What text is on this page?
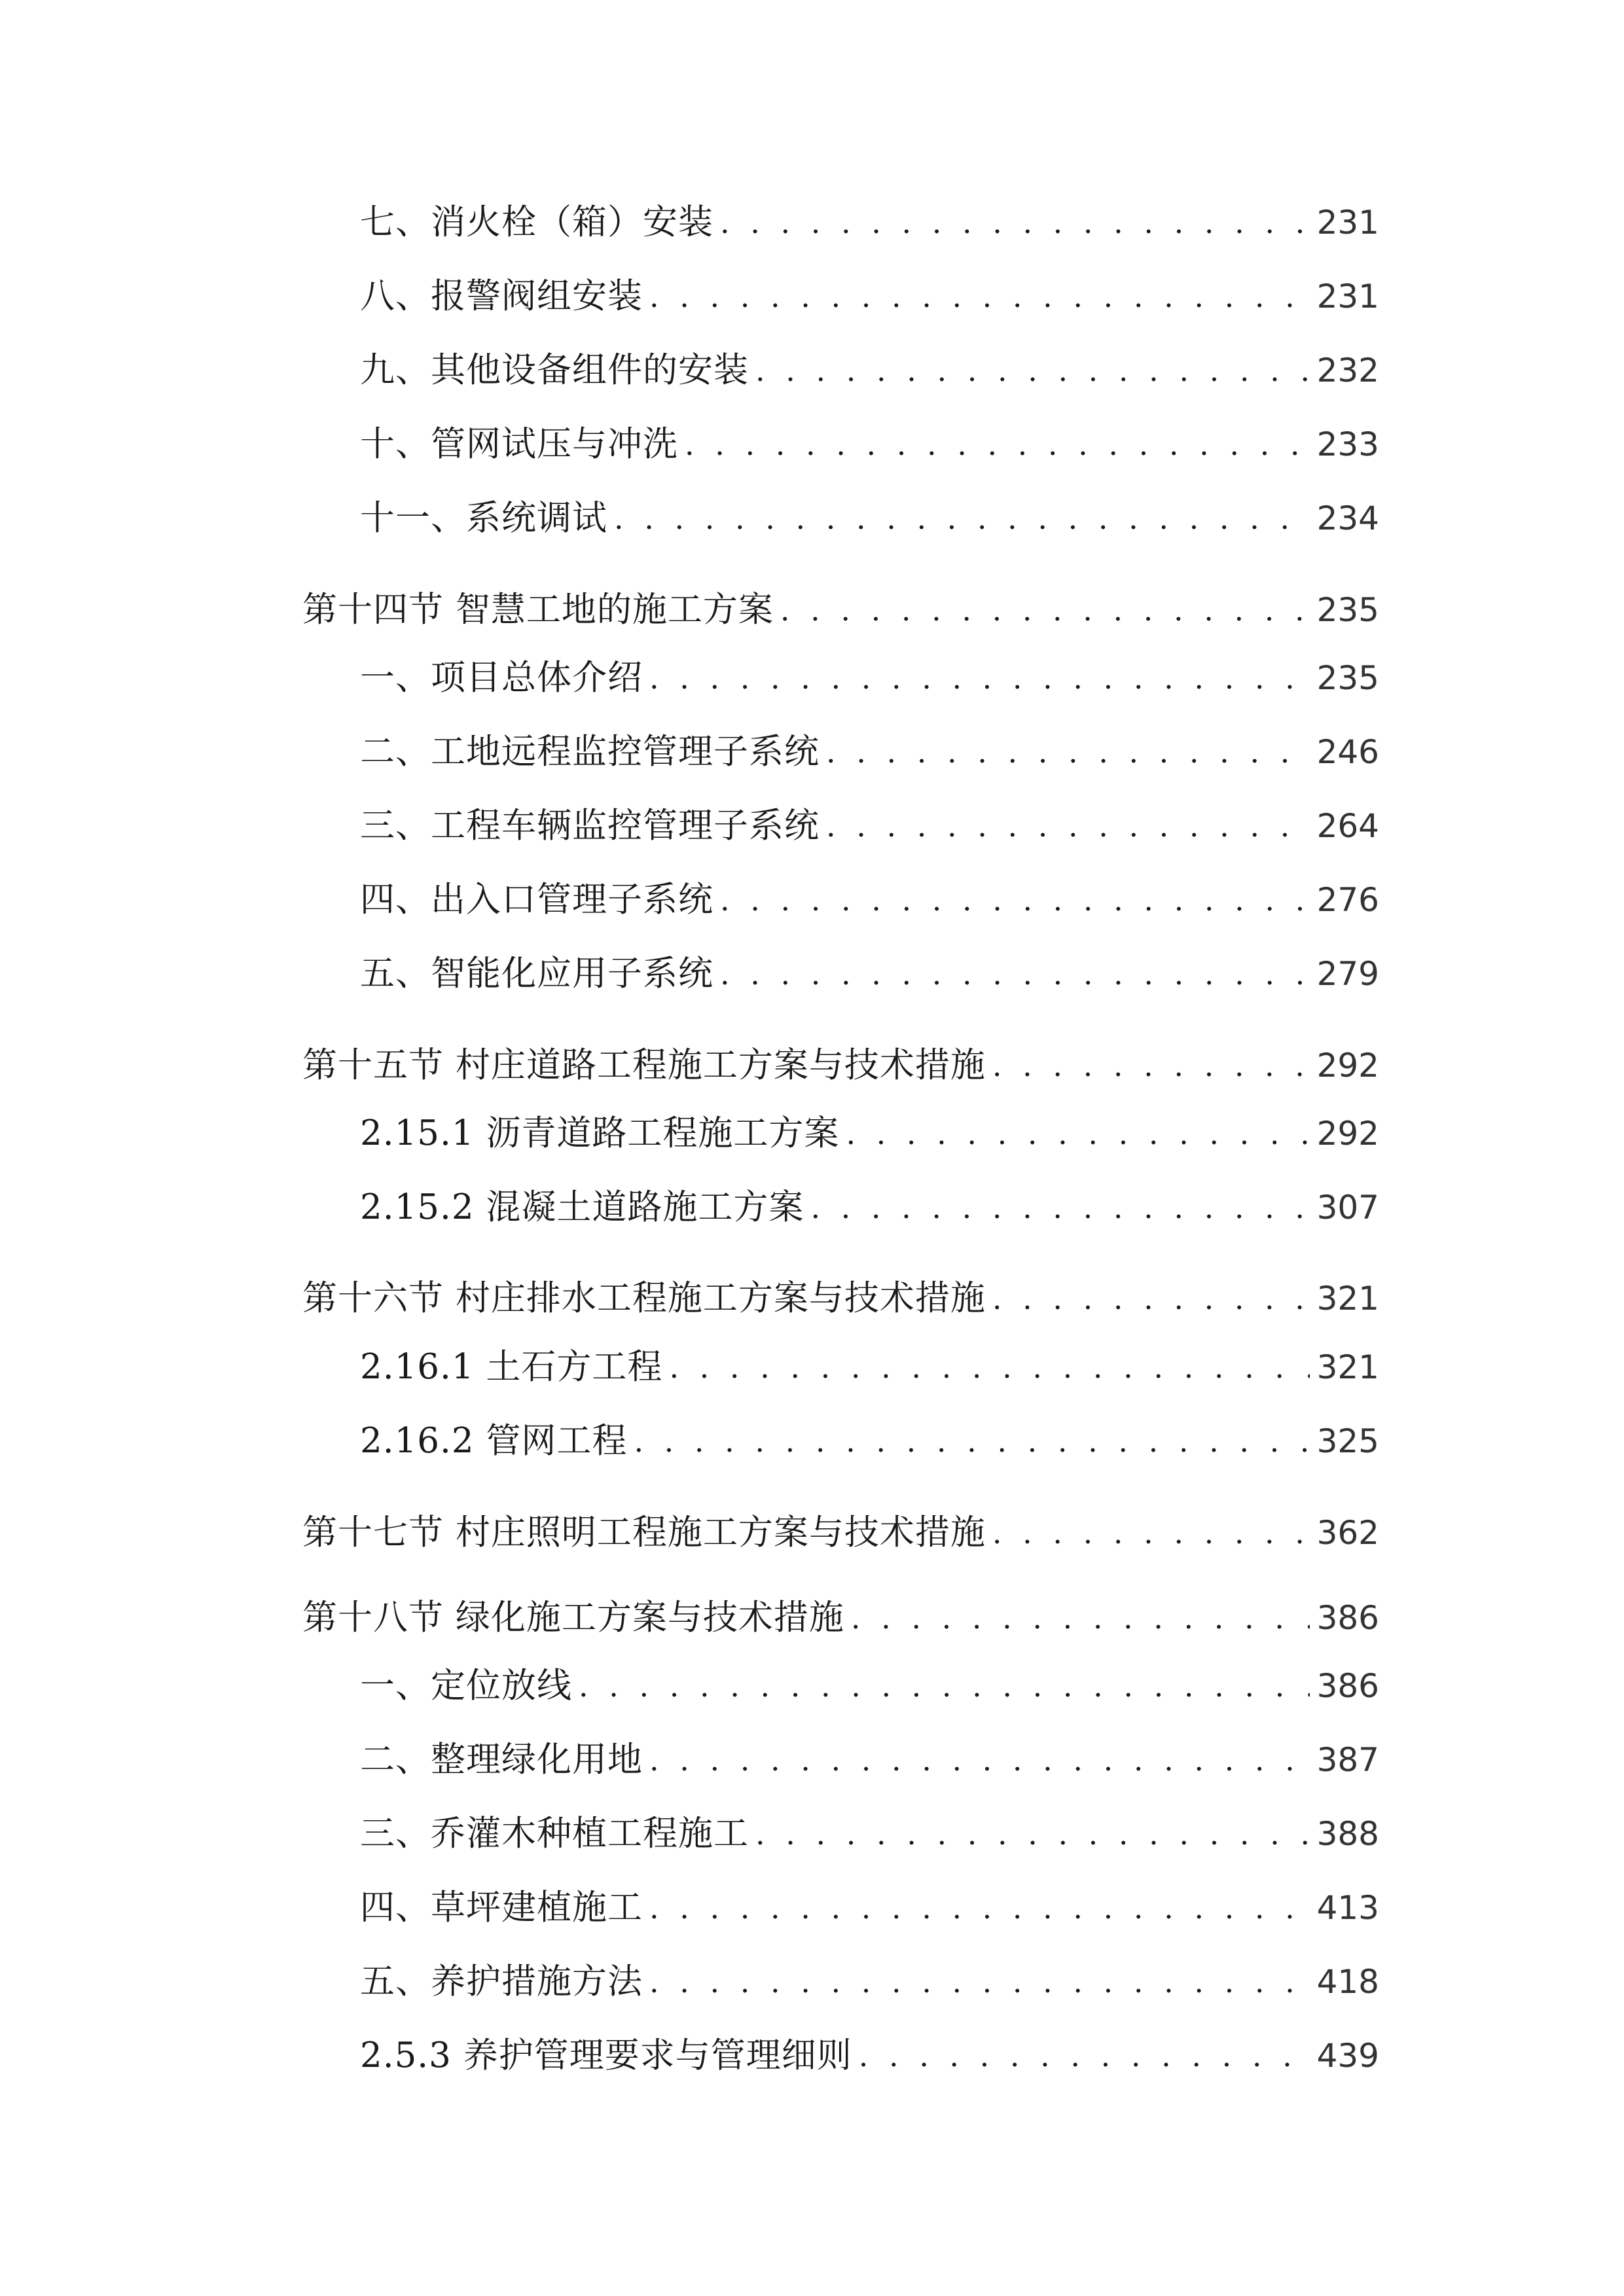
七、消火栓（箱）安装 . . .	231
八、报警阀组安装 . . .	231
九、其他设备组件的安装 . . .	232
十、管网试压与冲洗 . . .	233
十一、系统调试 . . .	234
第十四节 智慧工地的施工方案 . . .	235
一、项目总体介绍 . . .	235
二、工地远程监控管理子系统 . . .	246
三、工程车辆监控管理子系统 . . .	264
四、出入口管理子系统 . . .	276
五、智能化应用子系统 . . .	279
第十五节 村庄道路工程施工方案与技术措施 . . .	292
2.15.1 沥青道路工程施工方案 . . .	292
2.15.2 混凝土道路施工方案 . . .	307
第十六节 村庄排水工程施工方案与技术措施 . . .	321
2.16.1 土石方工程 . . .	321
2.16.2 管网工程 . . .	325
第十七节 村庄照明工程施工方案与技术措施 . . .	362
第十八节 绿化施工方案与技术措施 . . .	386
一、定位放线 . . .	386
二、整理绿化用地 . . .	387
三、乔灌木种植工程施工 . . .	388
四、草坪建植施工 . . .	413
五、养护措施方法 . . .	418
2.5.3 养护管理要求与管理细则 . . .	439
